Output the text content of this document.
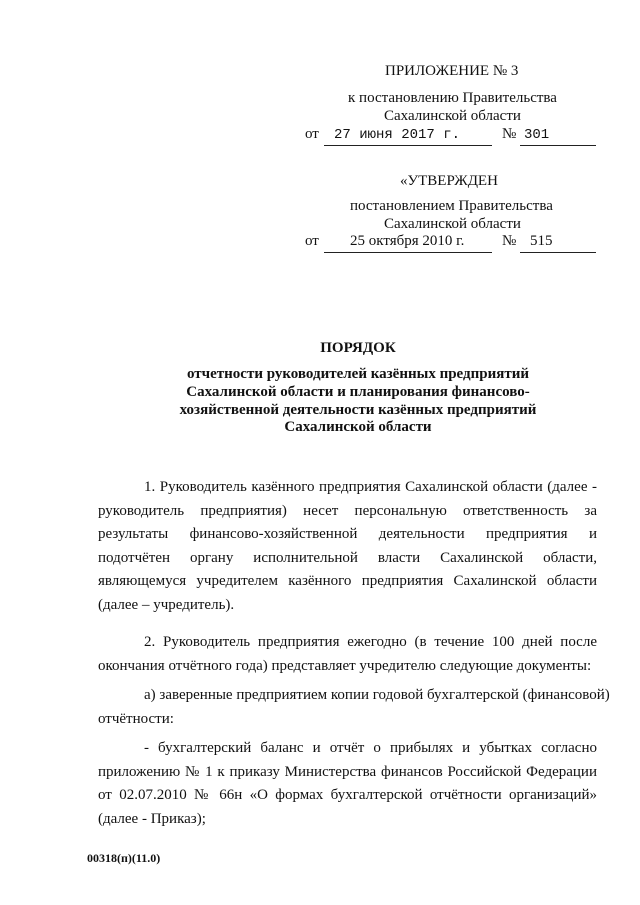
ПРИЛОЖЕНИЕ № 3
к постановлению Правительства
Сахалинской области
от 27 июня 2017 г.	№ 301
«УТВЕРЖДЕН
постановлением Правительства
Сахалинской области
от 25 октября 2010 г.	№ 515
ПОРЯДОК
отчетности руководителей казённых предприятий
Сахалинской области и планирования финансово-
хозяйственной деятельности казённых предприятий
Сахалинской области
1. Руководитель казённого предприятия Сахалинской области (далее -
руководитель предприятия) несет персональную ответственность за
результаты финансово-хозяйственной деятельности предприятия и
подотчётен органу исполнительной власти Сахалинской области,
являющемуся учредителем казённого предприятия Сахалинской области
(далее – учредитель).
2. Руководитель предприятия ежегодно (в течение 100 дней после
окончания отчётного года) представляет учредителю следующие документы:
а) заверенные предприятием копии годовой бухгалтерской (финансовой)
отчётности:
- бухгалтерский баланс и отчёт о прибылях и убытках согласно
приложению № 1 к приказу Министерства финансов Российской Федерации
от 02.07.2010 № 66н «О формах бухгалтерской отчётности организаций»
(далее - Приказ);
00318(п)(11.0)
